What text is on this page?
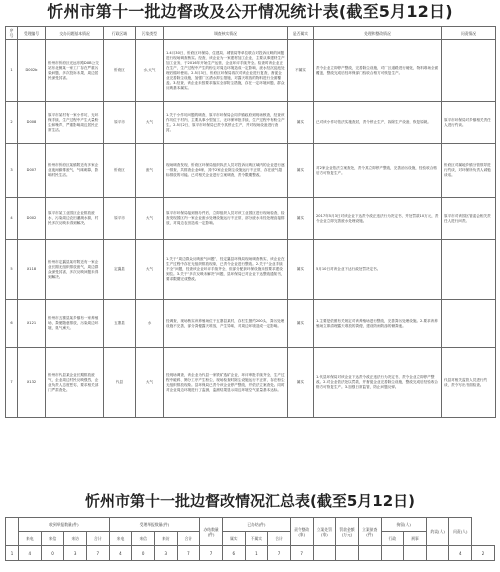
忻州市第十一批边督改及公开情况统计表(截至5月12日)
序号	受理编号	交办问题基本情况	行政区域	污染类型	调查核实情况	是否属实	处理和整改情况	问责情况
1	D002b	忻州市忻府区光远东路DXB公交站东北侧某一家工厂存在严重污染问题，多次投诉未果，周边居民深受其害。	忻府区	水,大气	1.4月30日，忻府区环保局、住建局、城管局等单位联合对投诉反映的问题进行现场调查核实。经查，该企业为一家建材加工企业，主要从事建材生产加工业务，于2016年开始生产运营，企业环评手续齐全。检查时该企业正在生产，生产过程中产生的粉尘对周边环境造成一定影响，废水经沉淀池处理后循环使用。2.5月3日，忻府区环保局再次对该企业进行复查，督促企业完善除尘设施，加强厂区洒水抑尘措施，对露天堆放的物料进行全面覆盖。3.经查，该企业未按要求落实全部防尘措施，存在一定环境问题，群众反映基本属实。	不属实	责令企业立即停产整改，完善除尘设施，对厂区道路进行硬化，物料堆场全面覆盖，整改完成后经环保部门验收合格方可恢复生产。	
2	D008	原平市某村有一家小作坊，无环保手续，生产过程中产生大量粉尘和噪声，严重影响周边居民正常生活。	原平市	大气	1.关于小作坊问题的调查，原平市环保局会同乡镇政府到现场核查，经查该作坊位于村内，主要从事小型加工，无环保审批手续，生产过程中有粉尘产生。2.5月2日，原平市环保局已责令其停止生产，并对现场设备进行查封。	属实	已对该小作坊依法实施查封，责令停止生产，拆除生产设备，恢复原貌。	原平市环保局对乡镇相关责任人进行约谈。
3	D007	忻州市忻府区某镇附近有多家企业夜间偷排废气，气味刺鼻，影响村民生活。	忻府区	废气	现场调查发现，忻府区环保局组织执法人员对投诉反映区域内的企业进行逐一排查，共排查企业6家，其中2家企业除尘设施运行不正常，存在废气超标排放的可能。已对相关企业进行立案调查，责令限期整改。	属实	对2家企业依法立案查处，责令其立即停产整改，完善治污设施，经验收合格后方可恢复生产。	忻府区对属地乡镇分管领导进行约谈，对环保所负责人诫勉谈话。
4	D002	原平市某工业园区企业排放废水，污染周边农田灌溉水源，村民多次反映未得到解决。	原平市	大气	原平市环保局接到督办件后，立即组织人员对该工业园区进行现场检查，检查发现园区内一家企业废水处理设施运行不正常，部分废水未经处理直接排放，对周边农田造成一定影响。	属实	2017年5月3日对该企业下达责令改正违法行为决定书，并处罚款10万元，责令企业立即完善废水处理设施。	原平市对该园区管委会相关责任人进行问责。
5	X118	忻州市定襄县某村附近有一家企业长期无组织排放废气，周边群众深受其害，多次反映问题未得到解决。	定襄县	大气	1.关于“周边群众反映废气问题”，经定襄县环保局现场调查核实，该企业在生产过程中存在无组织排放现象，已责令企业进行整改。2.关于“企业手续不全”问题，经查该企业环评手续齐全，但部分配套环保设施未按要求建设到位。3.关于“多次反映未解决”问题，县环保局已对企业下达整改通知书，要求限期完成整改。	属实	5月10日对该企业下达行政处罚决定书。	
6	X121	忻州市五寨县某乡镇有一家养殖场，粪便随意排放，污染周边环境，臭气熏天。	五寨县	水	经调查，现场核实该养殖场位于五寨县某村，存栏生猪约200头，粪污处理设施不完善，部分粪便露天堆放，产生异味，对周边环境造成一定影响。	属实	1.主要是依照有关规定对该养殖场进行整改，完善粪污处理设施。2.要求该养殖场立即清理露天堆放的粪便，建设防雨防渗的储粪池。	
7	X132	忻州市代县某企业长期排放废气，企业周边村民反映强烈，企业负责人态度恶劣，要求相关部门严肃查处。	代县	大气	经现场调查，该企业为代县一家铁矿选矿企业，环评审批手续齐全，生产过程中破碎、筛分工序产生粉尘，现场检查时除尘设施运行不正常，存在粉尘无组织排放现象。县环保局已责令该企业停产整改，并依法立案查处。同时对企业周边环境进行了监测，监测结果显示周边环境空气质量基本达标。	属实	1.代县环保局对该企业下达责令改正违法行为决定书，责令企业立即停产整改。2.对企业依法处以罚款，并督促企业完善除尘设施，整改完成后经验收合格方可恢复生产。3.加强日常监管，防止问题反弹。	代县对相关监管人员进行约谈，责令写出书面检查。
忻州市第十一批边督改情况汇总表(截至5月12日)
	收到举报数量(件)				受理举报数量(件)				办结数量(件)	已办结(件)			责令整改(家)	立案处罚(家)	罚款金额(万元)	立案侦查(件)	拘留(人)		约谈(人)	问责(人)	
	来电	来信	来访	合计	来电	来信	来访	合计		属实	不属实	合计					行政	刑事			
1	4	0	3	7	4	0	3	7	7	6	1	7	7							4	2
